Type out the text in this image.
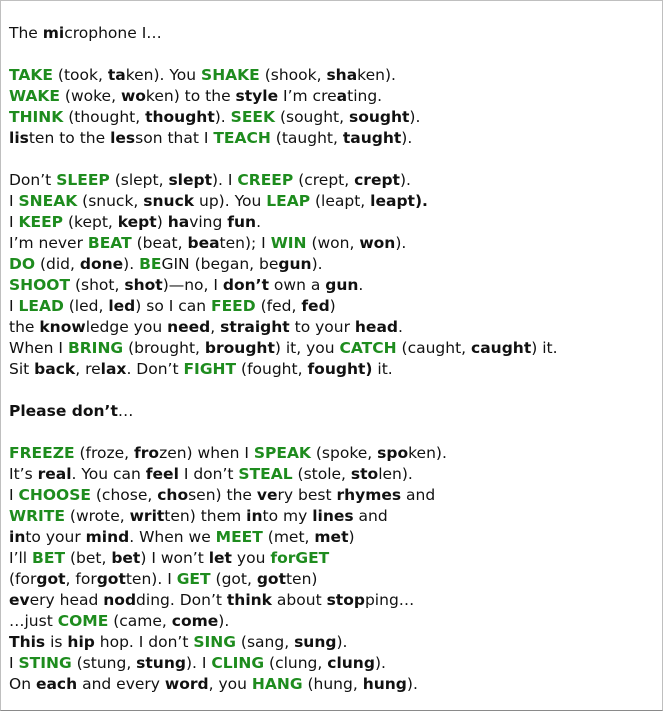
The microphone I…
TAKE (took, taken). You SHAKE (shook, shaken).
WAKE (woke, woken) to the style I’m creating.
THINK (thought, thought). SEEK (sought, sought).
listen to the lesson that I TEACH (taught, taught).
Don’t SLEEP (slept, slept). I CREEP (crept, crept).
I SNEAK (snuck, snuck up). You LEAP (leapt, leapt).
I KEEP (kept, kept) having fun.
I’m never BEAT (beat, beaten); I WIN (won, won).
DO (did, done). BEGIN (began, begun).
SHOOT (shot, shot)—no, I don’t own a gun.
I LEAD (led, led) so I can FEED (fed, fed)
the knowledge you need, straight to your head.
When I BRING (brought, brought) it, you CATCH (caught, caught) it.
Sit back, relax. Don’t FIGHT (fought, fought) it.
Please don’t…
FREEZE (froze, frozen) when I SPEAK (spoke, spoken).
It’s real. You can feel I don’t STEAL (stole, stolen).
I CHOOSE (chose, chosen) the very best rhymes and
WRITE (wrote, written) them into my lines and
into your mind. When we MEET (met, met)
I’ll BET (bet, bet) I won’t let you forGET
(forgot, forgotten). I GET (got, gotten)
every head nodding. Don’t think about stopping…
…just COME (came, come).
This is hip hop. I don’t SING (sang, sung).
I STING (stung, stung). I CLING (clung, clung).
On each and every word, you HANG (hung, hung).
